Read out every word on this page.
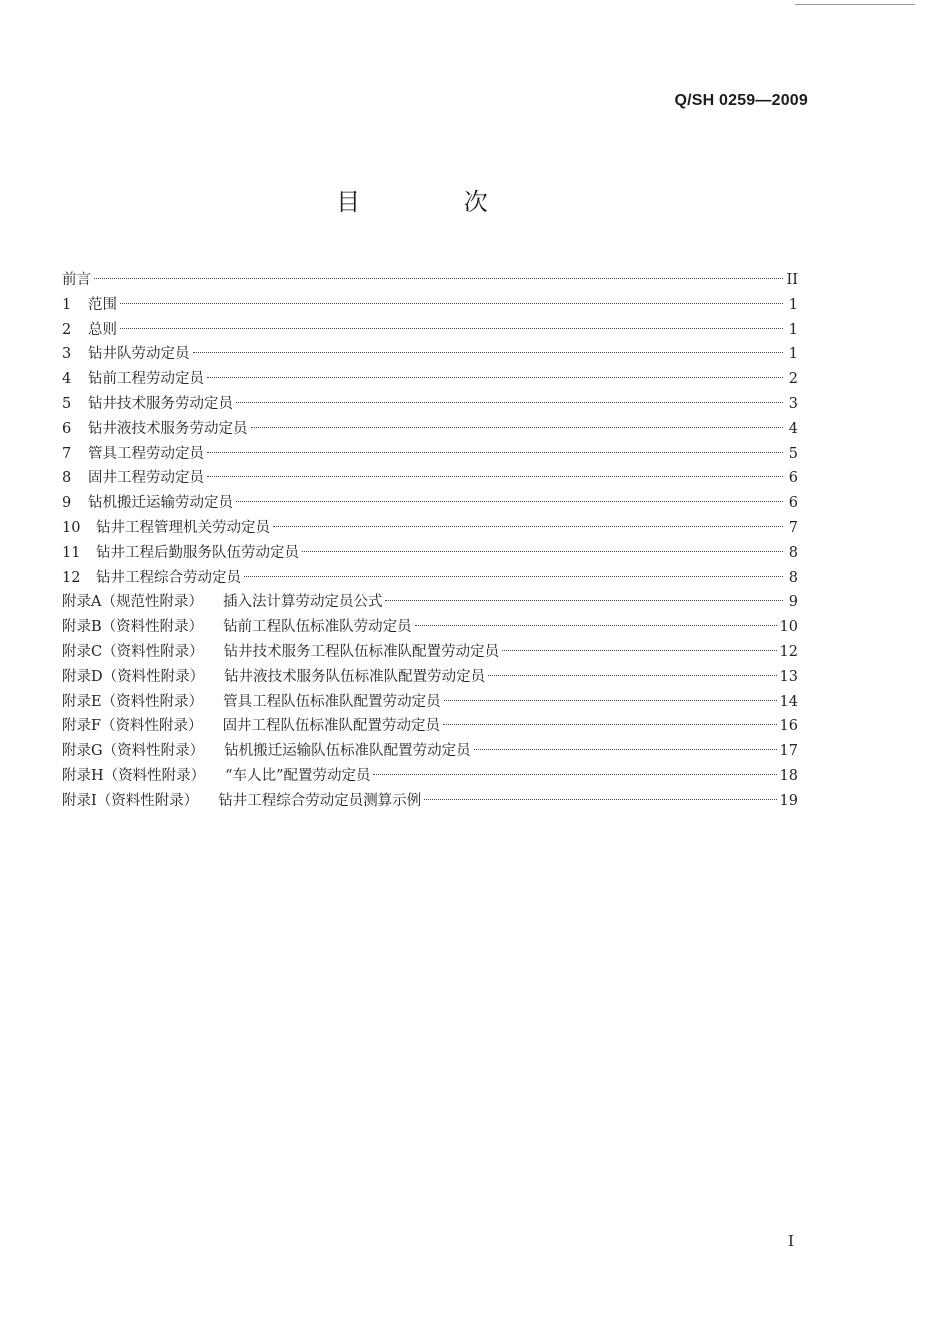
Q/SH 0259—2009
目 次
前言	II
1	范围	1
2	总则	1
3	钻井队劳动定员	1
4	钻前工程劳动定员	2
5	钻井技术服务劳动定员	3
6	钻井液技术服务劳动定员	4
7	管具工程劳动定员	5
8	固井工程劳动定员	6
9	钻机搬迁运输劳动定员	6
10	钻井工程管理机关劳动定员	7
11	钻井工程后勤服务队伍劳动定员	8
12	钻井工程综合劳动定员	8
附录A（规范性附录） 插入法计算劳动定员公式	9
附录B（资料性附录） 钻前工程队伍标准队劳动定员	10
附录C（资料性附录） 钻井技术服务工程队伍标准队配置劳动定员	12
附录D（资料性附录） 钻井液技术服务队伍标准队配置劳动定员	13
附录E（资料性附录） 管具工程队伍标准队配置劳动定员	14
附录F（资料性附录） 固井工程队伍标准队配置劳动定员	16
附录G（资料性附录） 钻机搬迁运输队伍标准队配置劳动定员	17
附录H（资料性附录） “车人比”配置劳动定员	18
附录I（资料性附录） 钻井工程综合劳动定员测算示例	19
I
